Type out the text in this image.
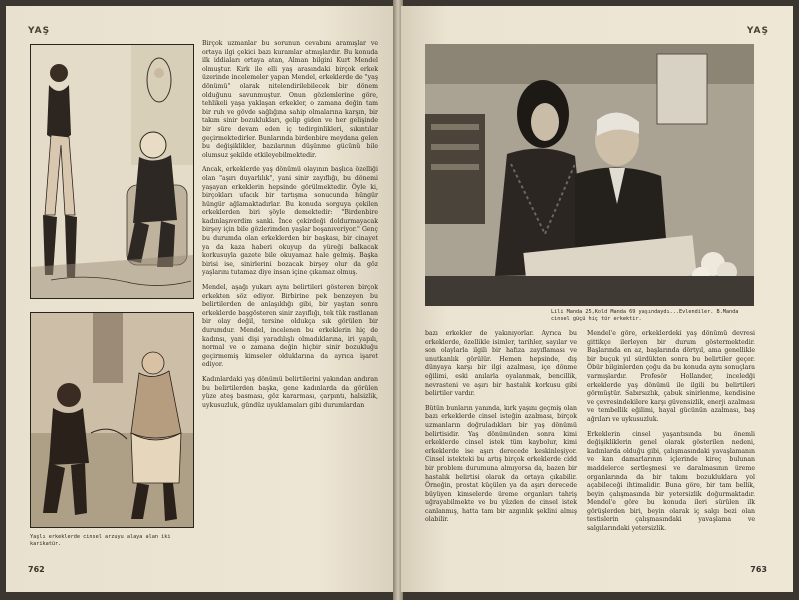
YAŞ
Yaşlı erkeklerde cinsel arzuyu alaya alan iki karikatür.

Birçok uzmanlar bu sorunun cevabını aramışlar ve ortaya ilgi çekici bazı kuramlar atmışlardır. Bu konuda ilk iddiaları ortaya atan, Alman bilgini Kurt Mendel olmuştur. Kırk ile elli yaş arasındaki birçok erkek üzerinde incelemeler yapan Mendel, erkeklerde de "yaş dönümü" olarak nitelendirilebilecek bir dönem olduğunu savunmuştur. Onun gözlemlerine göre, tehlikeli yaşa yaklaşan erkekler, o zamana değin tam bir ruh ve gövde sağlığına sahip olmalarına karşın, bir takım sinir bozuklukları, gelip giden ve her gelişinde bir süre devam eden iç tedirginlikleri, sıkıntılar geçirmektedirler. Bunlarında birdenbire meydana gelen bu değişiklikler, bazılarının düşünme gücünü bile olumsuz şekilde etkileyebilmektedir.

Ancak, erkeklerde yaş dönümü olayının başlıca özelliği olan "aşırı duyarlılık", yani sinir zayıflığı, bu dönemi yaşayan erkeklerin hepsinde görülmektedir. Öyle ki, birçokları ufacık bir tartışma sonucunda hüngür hüngür ağlamaktadırlar. Bu konuda sorguya çekilen erkeklerden biri şöyle demektedir: "Birdenbire kadınlaşıverdim sanki. İnce çekirdeği doldurmayacak birşey için bile gözlerimden yaşlar boşanıveriyor." Genç bu durumda olan erkeklerden bir başkası, bir cinayet ya da kaza haberi okuyup da yüreği balkacak korkusuyla gazete bile okuyamaz hale gelmiş. Başka birisi ise, sinirlerini bozacak birşey olur da göz yaşlarını tutamaz diye insan içine çıkamaz olmuş.

Mendel, aşağı yukarı aynı belirtileri gösteren birçok erkekten söz ediyor. Birbirine pek benzeyen bu belirtilerden de anlaşıldığı gibi, bir yaştan sonra erkeklerde başgösteren sinir zayıflığı, tek tük rastlanan bir olay değil, tersine oldukça sık görülen bir durumdur. Mendel, incelenen bu erkeklerin hiç de kadınsı, yani dişi yaradılışlı olmadıklarına, iri yapılı, normal ve o zamana değin hiçbir sinir bozukluğu geçirmemiş kimseler olduklarına da ayrıca işaret ediyor.

Kadınlardaki yaş dönümü belirtilerini yakından andıran bu belirtilerden başka, gene kadınlarda da görülen yüze ateş basması, göz kararması, çarpıntı, halsizlik, uykusuzluk, gündüz uyuklamaları gibi durumlardan

762
YAŞ
Lili Manda 25,Kold Manda 69 yaşındaydı...Evlendiler. B.Manda cinsel güçü hiç tür erkektir.

bazı erkekler de yakınıyorlar. Ayrıca bu erkeklerde, özellikle isimler, tarihler, sayılar ve son olaylarla ilgili bir hafıza zayıflaması ve unutkanlık görülür. Hemen hepsinde, dış dünyaya karşı bir ilgi azalması, içe dönme eğilimi, eski anılarla oyalanmak, bencillik, nevrasteni ve aşırı bir hastalık korkusu gibi belirtiler vardır.

Bütün bunların yanında, kırk yaşını geçmiş olan bazı erkeklerde cinsel isteğin azalması, birçok uzmanların doğruladıkları bir yaş dönümü belirtisidir. Yaş dönümünden sonra kimi erkeklerde cinsel istek tüm kaybolur, kimi erkeklerde ise aşırı derecede keskinleşiyor. Cinsel istekteki bu artış birçok erkeklerde cidd bir problem durumuna almıyorsa da, bazen bir hastalık belirtisi olarak da ortaya çıkabilir. Örneğin, prostat küçülen ya da aşırı derecede büyüyen kimselerde üreme organları tahriş uğrayabilmekte ve bu yüzden de cinsel istek canlanmış, hatta tam bir azgınlık şeklini almış olabilir.

Mendel'e göre, erkeklerdeki yaş dönümü devresi gittikçe ilerleyen bir durum göstermektedir. Başlarında en az, başlarında dörtyıl, ama genellikle bir buçuk yıl sürdükten sonra bu belirtiler geçer. Öbür bilginlerden çoğu da bu konuda aynı sonuçlara varmışlardır. Profesör Hollander, inceledği erkeklerde yaş dönümü ile ilgili bu belirtileri görmüştür. Sabırsızlık, çabuk sinirlenme, kendisine ve çevresindekilere karşı güvensizlik, enerji azalması ve tembellik eğilimi, hayal gücünün azalması, baş ağrıları ve uykusuzluk.

Erkeklerin cinsel yaşantısında bu önemli değişikliklerin genel olarak gösterilen nedeni, kadınlarda olduğu gibi, çalışmasındaki yavaşlamanın ve kan damarlarının içlerinde kireç bulunan maddelerce sertleşmesi ve daralmasının üreme organlarında da bir takım bozukluklara yol açabileceği ihtimalidir. Buna göre, bir tam bellik, beyin çalışmasında bir yetersizlik doğurmaktadır. Mendel'e göre bu konuda ileri sürülen ilk görüşlerden biri, beyin olarak iç salgı bezi olan testislerin çalışmasındaki yavaşlama ve salgılarındaki yetersizlik.

763
